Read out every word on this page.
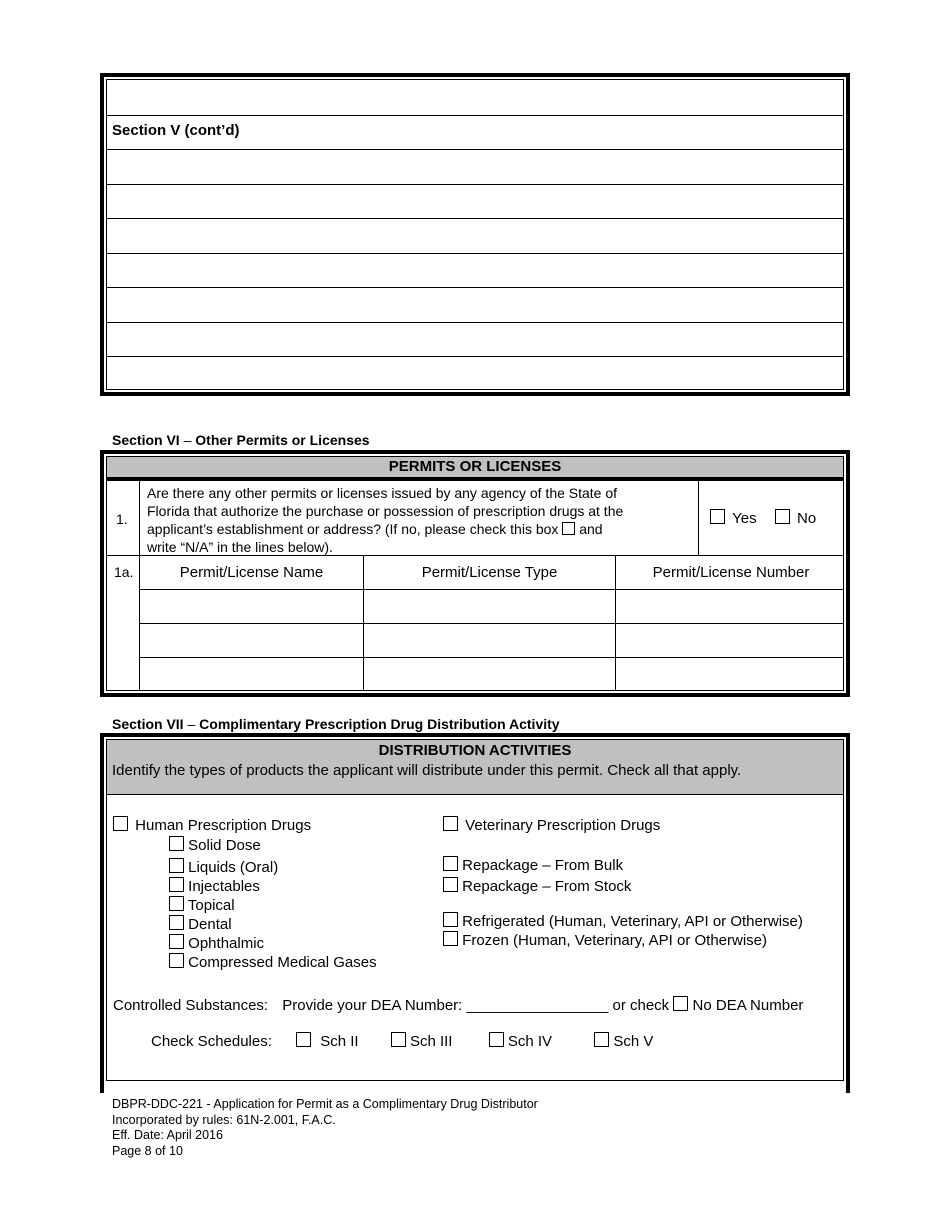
Section V (cont’d)
Section VI – Other Permits or Licenses
PERMITS OR LICENSES
1.
Are there any other permits or licenses issued by any agency of the State of
Florida that authorize the purchase or possession of prescription drugs at the
applicant’s establishment or address? (If no, please check this box and
write “N/A” in the lines below).
Yes	No
1a.	Permit/License Name	Permit/License Type	Permit/License Number
Section VII – Complimentary Prescription Drug Distribution Activity
DISTRIBUTION ACTIVITIES
Identify the types of products the applicant will distribute under this permit. Check all that apply.
Human Prescription Drugs
Solid Dose
Liquids (Oral)
Injectables
Topical
Dental
Ophthalmic
Compressed Medical Gases
Veterinary Prescription Drugs
Repackage – From Bulk
Repackage – From Stock
Refrigerated (Human, Veterinary, API or Otherwise)
Frozen (Human, Veterinary, API or Otherwise)
Controlled Substances: Provide your DEA Number: _________________ or check No DEA Number
Check Schedules:	Sch II	Sch III	Sch IV	Sch V
DBPR-DDC-221 - Application for Permit as a Complimentary Drug Distributor
Incorporated by rules: 61N-2.001, F.A.C.
Eff. Date: April 2016
Page 8 of 10
